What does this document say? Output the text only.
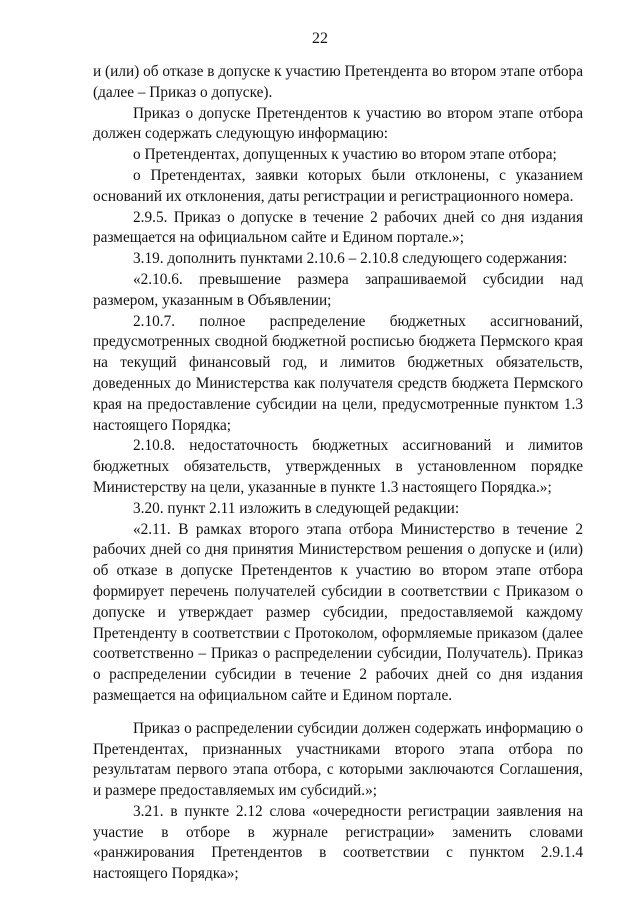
22

и (или) об отказе в допуске к участию Претендента во втором этапе отбора (далее – Приказ о допуске).

Приказ о допуске Претендентов к участию во втором этапе отбора должен содержать следующую информацию:

о Претендентах, допущенных к участию во втором этапе отбора;

о Претендентах, заявки которых были отклонены, с указанием оснований их отклонения, даты регистрации и регистрационного номера.

2.9.5. Приказ о допуске в течение 2 рабочих дней со дня издания размещается на официальном сайте и Едином портале.»;

3.19. дополнить пунктами 2.10.6 – 2.10.8 следующего содержания:

«2.10.6. превышение размера запрашиваемой субсидии над размером, указанным в Объявлении;

2.10.7. полное распределение бюджетных ассигнований, предусмотренных сводной бюджетной росписью бюджета Пермского края на текущий финансовый год, и лимитов бюджетных обязательств, доведенных до Министерства как получателя средств бюджета Пермского края на предоставление субсидии на цели, предусмотренные пунктом 1.3 настоящего Порядка;

2.10.8. недостаточность бюджетных ассигнований и лимитов бюджетных обязательств, утвержденных в установленном порядке Министерству на цели, указанные в пункте 1.3 настоящего Порядка.»;

3.20. пункт 2.11 изложить в следующей редакции:

«2.11. В рамках второго этапа отбора Министерство в течение 2 рабочих дней со дня принятия Министерством решения о допуске и (или) об отказе в допуске Претендентов к участию во втором этапе отбора формирует перечень получателей субсидии в соответствии с Приказом о допуске и утверждает размер субсидии, предоставляемой каждому Претенденту в соответствии с Протоколом, оформляемые приказом (далее соответственно – Приказ о распределении субсидии, Получатель). Приказ о распределении субсидии в течение 2 рабочих дней со дня издания размещается на официальном сайте и Едином портале.

Приказ о распределении субсидии должен содержать информацию о Претендентах, признанных участниками второго этапа отбора по результатам первого этапа отбора, с которыми заключаются Соглашения, и размере предоставляемых им субсидий.»;

3.21. в пункте 2.12 слова «очередности регистрации заявления на участие в отборе в журнале регистрации» заменить словами «ранжирования Претендентов в соответствии с пунктом 2.9.1.4 настоящего Порядка»;
